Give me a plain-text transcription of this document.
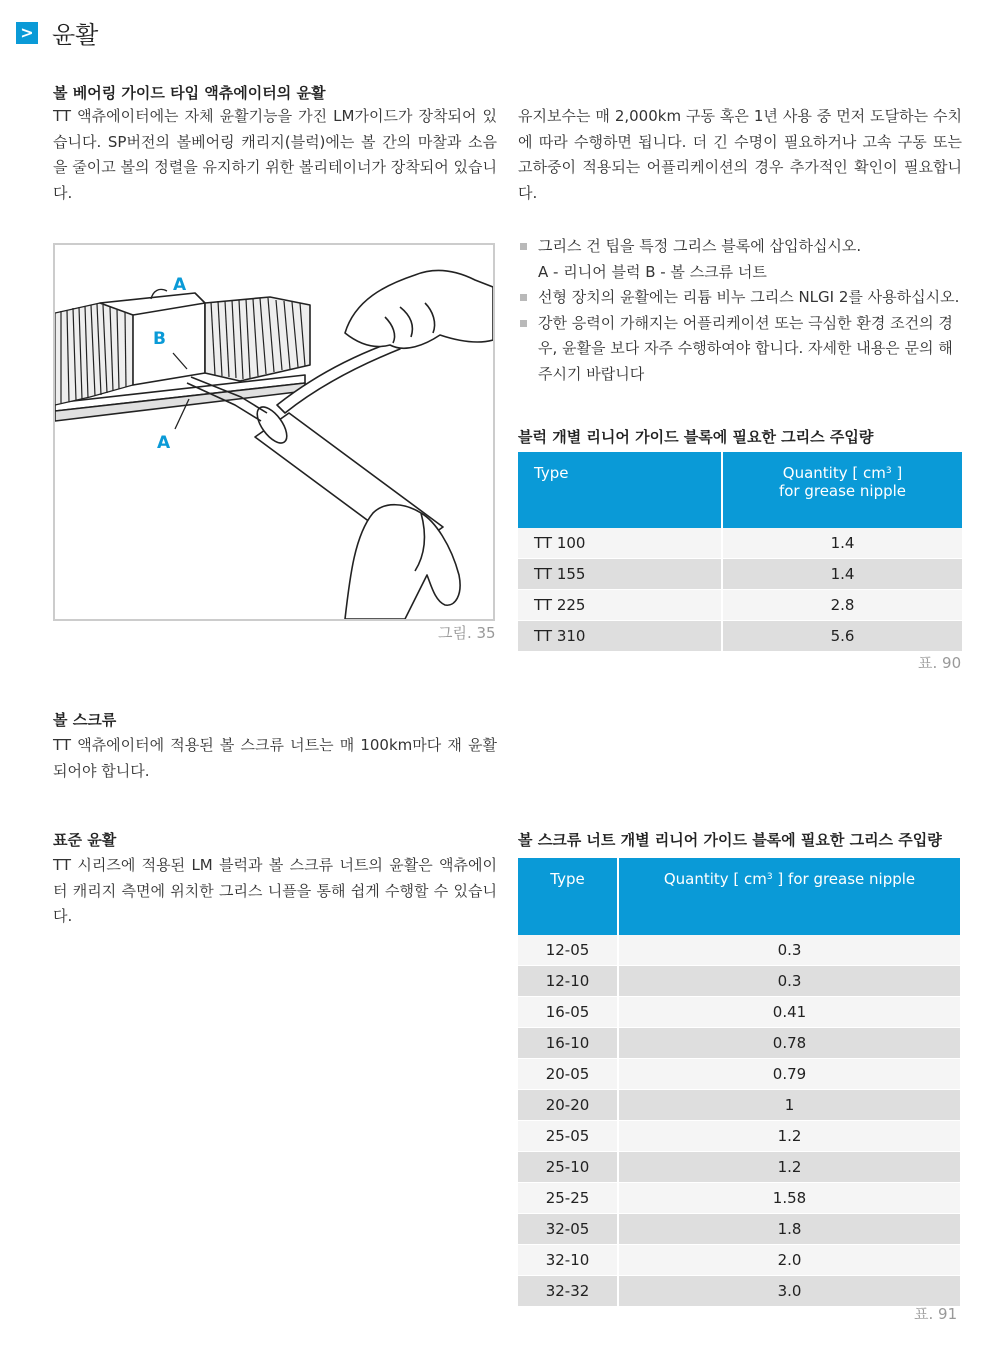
> 윤활
볼 베어링 가이드 타입 액츄에이터의 윤활
TT 액츄에이터에는 자체 윤활기능을 가진 LM가이드가 장착되어 있습니다. SP버전의 볼베어링 캐리지(블럭)에는 볼 간의 마찰과 소음을 줄이고 볼의 정렬을 유지하기 위한 볼리테이너가 장착되어 있습니다.
유지보수는 매 2,000km 구동 혹은 1년 사용 중 먼저 도달하는 수치에 따라 수행하면 됩니다. 더 긴 수명이 필요하거나 고속 구동 또는 고하중이 적용되는 어플리케이션의 경우 추가적인 확인이 필요합니다.
A
B
A
그림. 35
그리스 건 팁을 특정 그리스 블록에 삽입하십시오.
A - 리니어 블럭 B - 볼 스크류 너트
선형 장치의 윤활에는 리튬 비누 그리스 NLGI 2를 사용하십시오.
강한 응력이 가해지는 어플리케이션 또는 극심한 환경 조건의 경우, 윤활을 보다 자주 수행하여야 합니다. 자세한 내용은 문의 해주시기 바랍니다
블럭 개별 리니어 가이드 블록에 필요한 그리스 주입량
Type	Quantity [ $cm^3$ ]
for grease nipple
TT 100	1.4
TT 155	1.4
TT 225	2.8
TT 310	5.6
표. 90
볼 스크류
TT 액츄에이터에 적용된 볼 스크류 너트는 매 100km마다 재 윤활되어야 합니다.
표준 윤활
TT 시리즈에 적용된 LM 블럭과 볼 스크류 너트의 윤활은 액츄에이터 캐리지 측면에 위치한 그리스 니플을 통해 쉽게 수행할 수 있습니다.
볼 스크류 너트 개별 리니어 가이드 블록에 필요한 그리스 주입량
Type	Quantity [ $cm^3$ ] for grease nipple
12-05	0.3
12-10	0.3
16-05	0.41
16-10	0.78
20-05	0.79
20-20	1
25-05	1.2
25-10	1.2
25-25	1.58
32-05	1.8
32-10	2.0
32-32	3.0
표. 91
